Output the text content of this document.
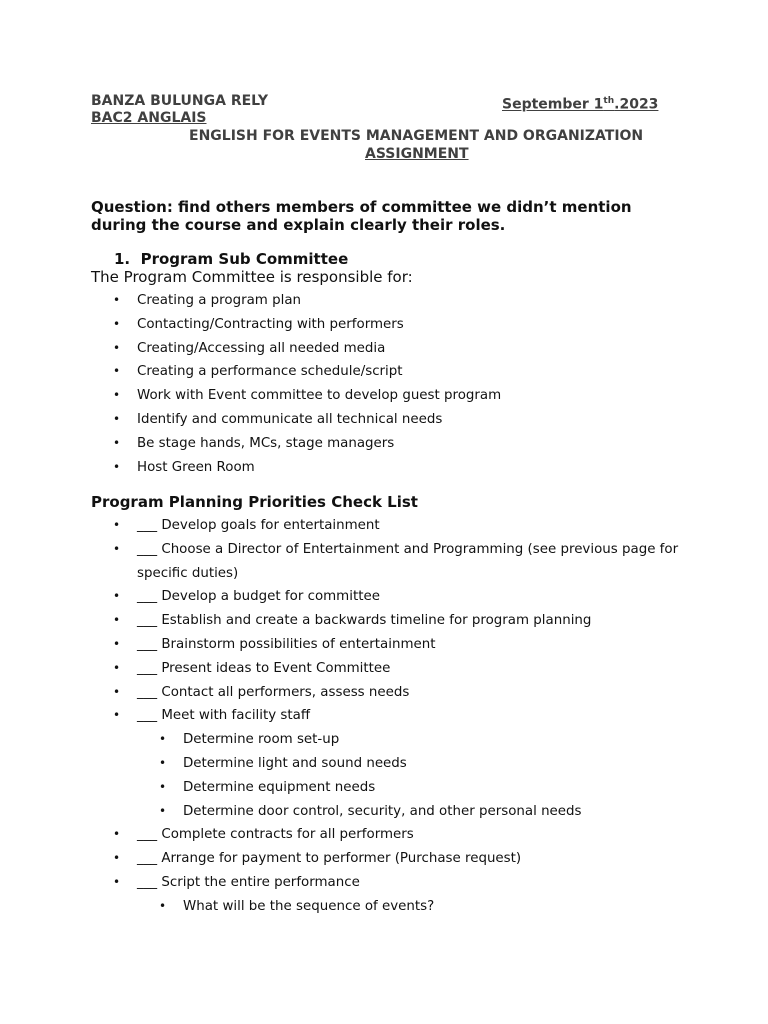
BANZA BULUNGA RELY	September 1th.2023
BAC2 ANGLAIS
ENGLISH FOR EVENTS MANAGEMENT AND ORGANIZATION
ASSIGNMENT
Question: find others members of committee we didn’t mention during the course and explain clearly their roles.
1. Program Sub Committee
The Program Committee is responsible for:
• Creating a program plan
• Contacting/Contracting with performers
• Creating/Accessing all needed media
• Creating a performance schedule/script
• Work with Event committee to develop guest program
• Identify and communicate all technical needs
• Be stage hands, MCs, stage managers
• Host Green Room
Program Planning Priorities Check List
• ___ Develop goals for entertainment
• ___ Choose a Director of Entertainment and Programming (see previous page for specific duties)
• ___ Develop a budget for committee
• ___ Establish and create a backwards timeline for program planning
• ___ Brainstorm possibilities of entertainment
• ___ Present ideas to Event Committee
• ___ Contact all performers, assess needs
• ___ Meet with facility staff
• Determine room set-up
• Determine light and sound needs
• Determine equipment needs
• Determine door control, security, and other personal needs
• ___ Complete contracts for all performers
• ___ Arrange for payment to performer (Purchase request)
• ___ Script the entire performance
• What will be the sequence of events?
